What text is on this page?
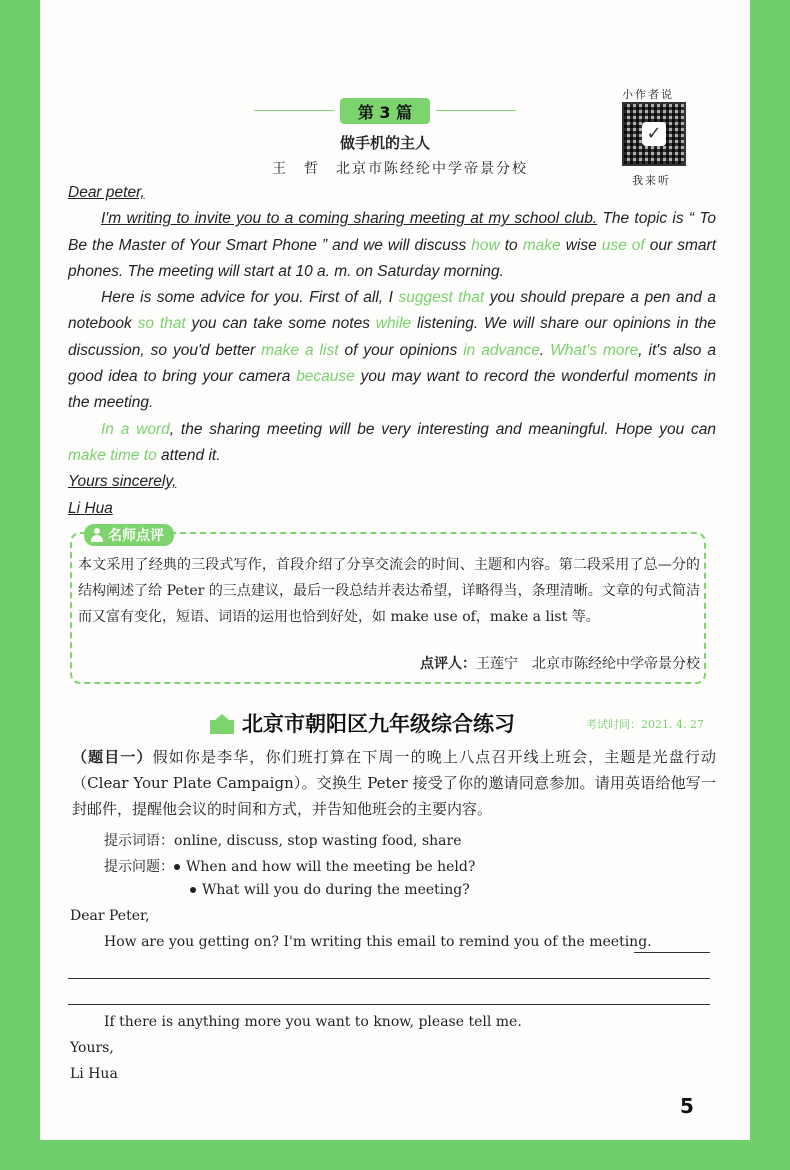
第 3 篇
做手机的主人
王　哲　北京市陈经纶中学帝景分校
小作者说
✓
我来听

Dear peter,

I'm writing to invite you to a coming sharing meeting at my school club. The topic is “ To Be the Master of Your Smart Phone ” and we will discuss how to make wise use of our smart phones. The meeting will start at 10 a. m. on Saturday morning.

Here is some advice for you. First of all, I suggest that you should prepare a pen and a notebook so that you can take some notes while listening. We will share our opinions in the discussion, so you'd better make a list of your opinions in advance. What's more, it's also a good idea to bring your camera because you may want to record the wonderful moments in the meeting.

In a word, the sharing meeting will be very interesting and meaningful. Hope you can make time to attend it.

Yours sincerely,

Li Hua

名师点评
本文采用了经典的三段式写作，首段介绍了分享交流会的时间、主题和内容。第二段采用了总—分的结构阐述了给 Peter 的三点建议，最后一段总结并表达希望，详略得当，条理清晰。文章的句式简洁而又富有变化，短语、词语的运用也恰到好处，如 make use of，make a list 等。
点评人：王莲宁　北京市陈经纶中学帝景分校
北京市朝阳区九年级综合练习	考试时间：2021. 4. 27
（题目一）假如你是李华，你们班打算在下周一的晚上八点召开线上班会，主题是光盘行动（Clear Your Plate Campaign）。交换生 Peter 接受了你的邀请同意参加。请用英语给他写一封邮件，提醒他会议的时间和方式，并告知他班会的主要内容。
提示词语：online, discuss, stop wasting food, share
提示问题： When and how will the meeting be held?
What will you do during the meeting?
Dear Peter,
How are you getting on? I'm writing this email to remind you of the meeting.
If there is anything more you want to know, please tell me.
Yours,
Li Hua
5
